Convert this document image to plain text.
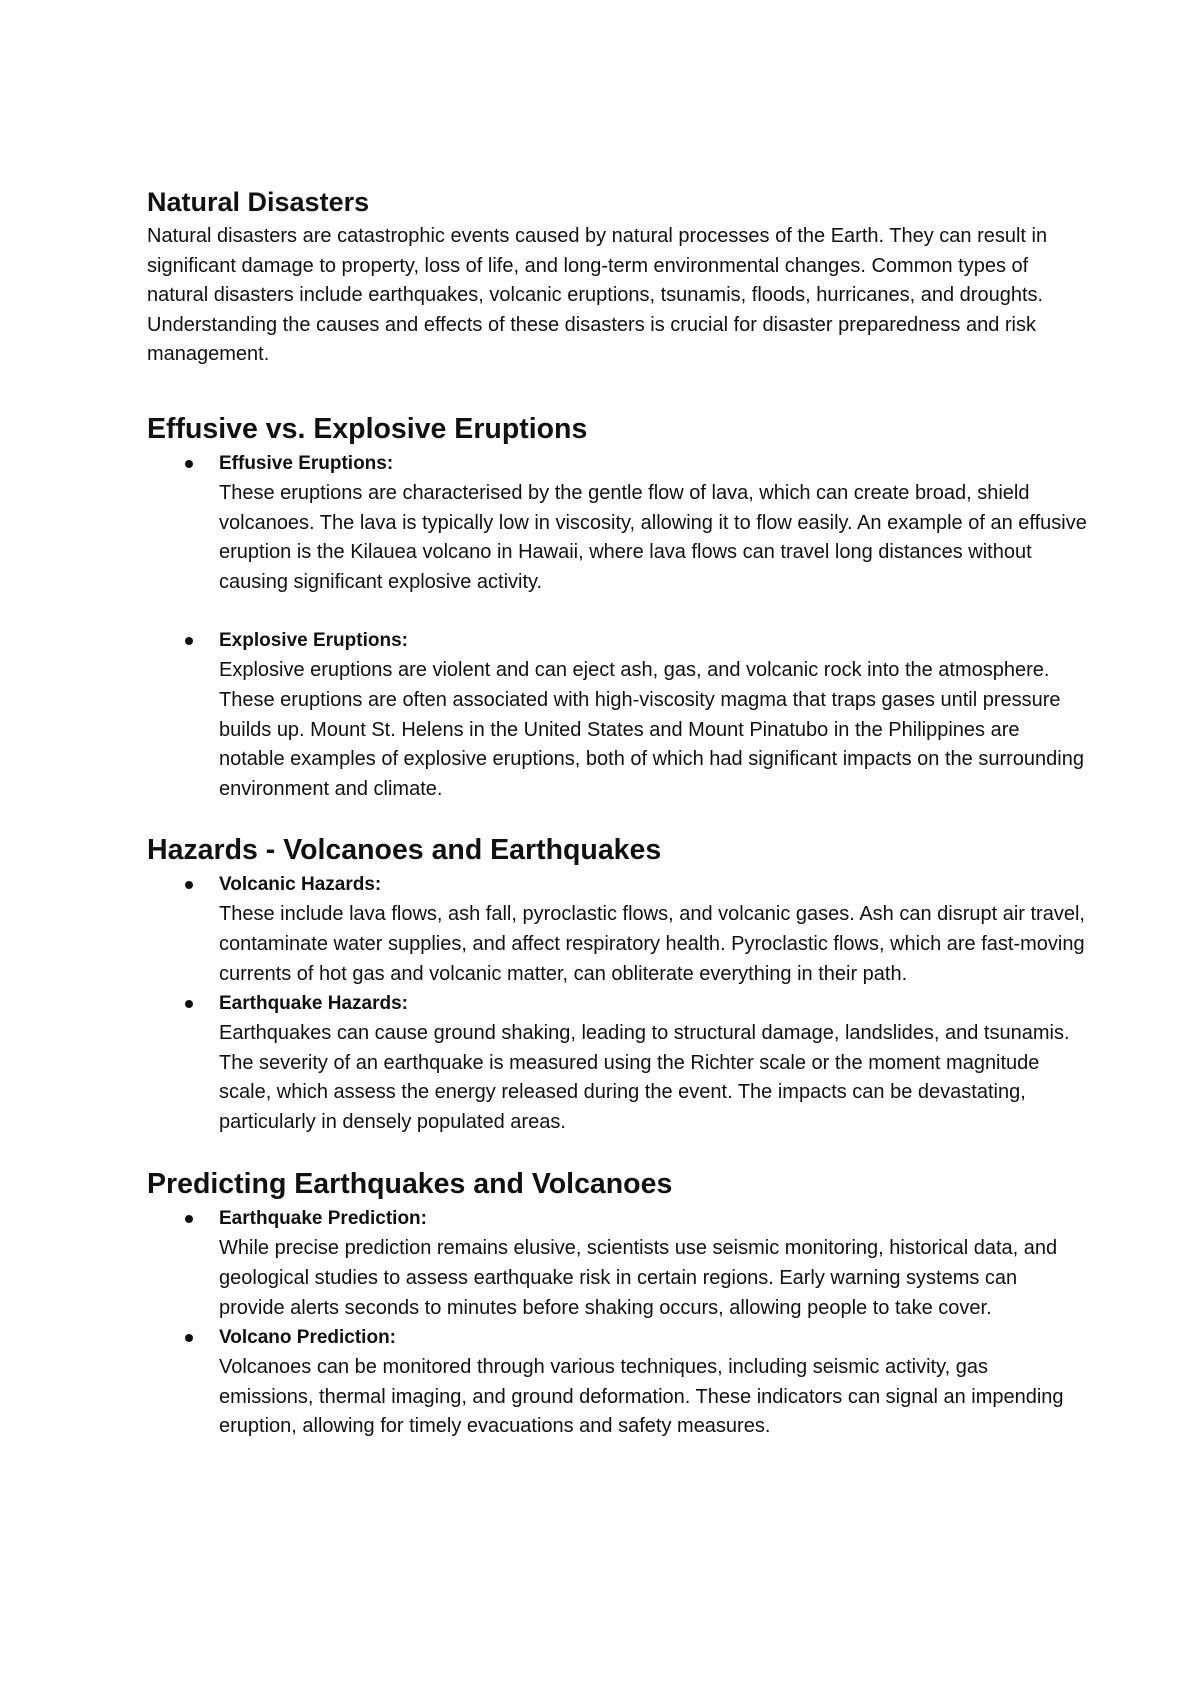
Natural Disasters

Natural disasters are catastrophic events caused by natural processes of the Earth. They can result in significant damage to property, loss of life, and long-term environmental changes. Common types of natural disasters include earthquakes, volcanic eruptions, tsunamis, floods, hurricanes, and droughts. Understanding the causes and effects of these disasters is crucial for disaster preparedness and risk management.

Effusive vs. Explosive Eruptions
Effusive Eruptions:
These eruptions are characterised by the gentle flow of lava, which can create broad, shield volcanoes. The lava is typically low in viscosity, allowing it to flow easily. An example of an effusive eruption is the Kilauea volcano in Hawaii, where lava flows can travel long distances without causing significant explosive activity.
Explosive Eruptions:
Explosive eruptions are violent and can eject ash, gas, and volcanic rock into the atmosphere. These eruptions are often associated with high-viscosity magma that traps gases until pressure builds up. Mount St. Helens in the United States and Mount Pinatubo in the Philippines are notable examples of explosive eruptions, both of which had significant impacts on the surrounding environment and climate.
Hazards - Volcanoes and Earthquakes
Volcanic Hazards:
These include lava flows, ash fall, pyroclastic flows, and volcanic gases. Ash can disrupt air travel, contaminate water supplies, and affect respiratory health. Pyroclastic flows, which are fast-moving currents of hot gas and volcanic matter, can obliterate everything in their path.
Earthquake Hazards:
Earthquakes can cause ground shaking, leading to structural damage, landslides, and tsunamis. The severity of an earthquake is measured using the Richter scale or the moment magnitude scale, which assess the energy released during the event. The impacts can be devastating, particularly in densely populated areas.
Predicting Earthquakes and Volcanoes
Earthquake Prediction:
While precise prediction remains elusive, scientists use seismic monitoring, historical data, and geological studies to assess earthquake risk in certain regions. Early warning systems can provide alerts seconds to minutes before shaking occurs, allowing people to take cover.
Volcano Prediction:
Volcanoes can be monitored through various techniques, including seismic activity, gas emissions, thermal imaging, and ground deformation. These indicators can signal an impending eruption, allowing for timely evacuations and safety measures.
